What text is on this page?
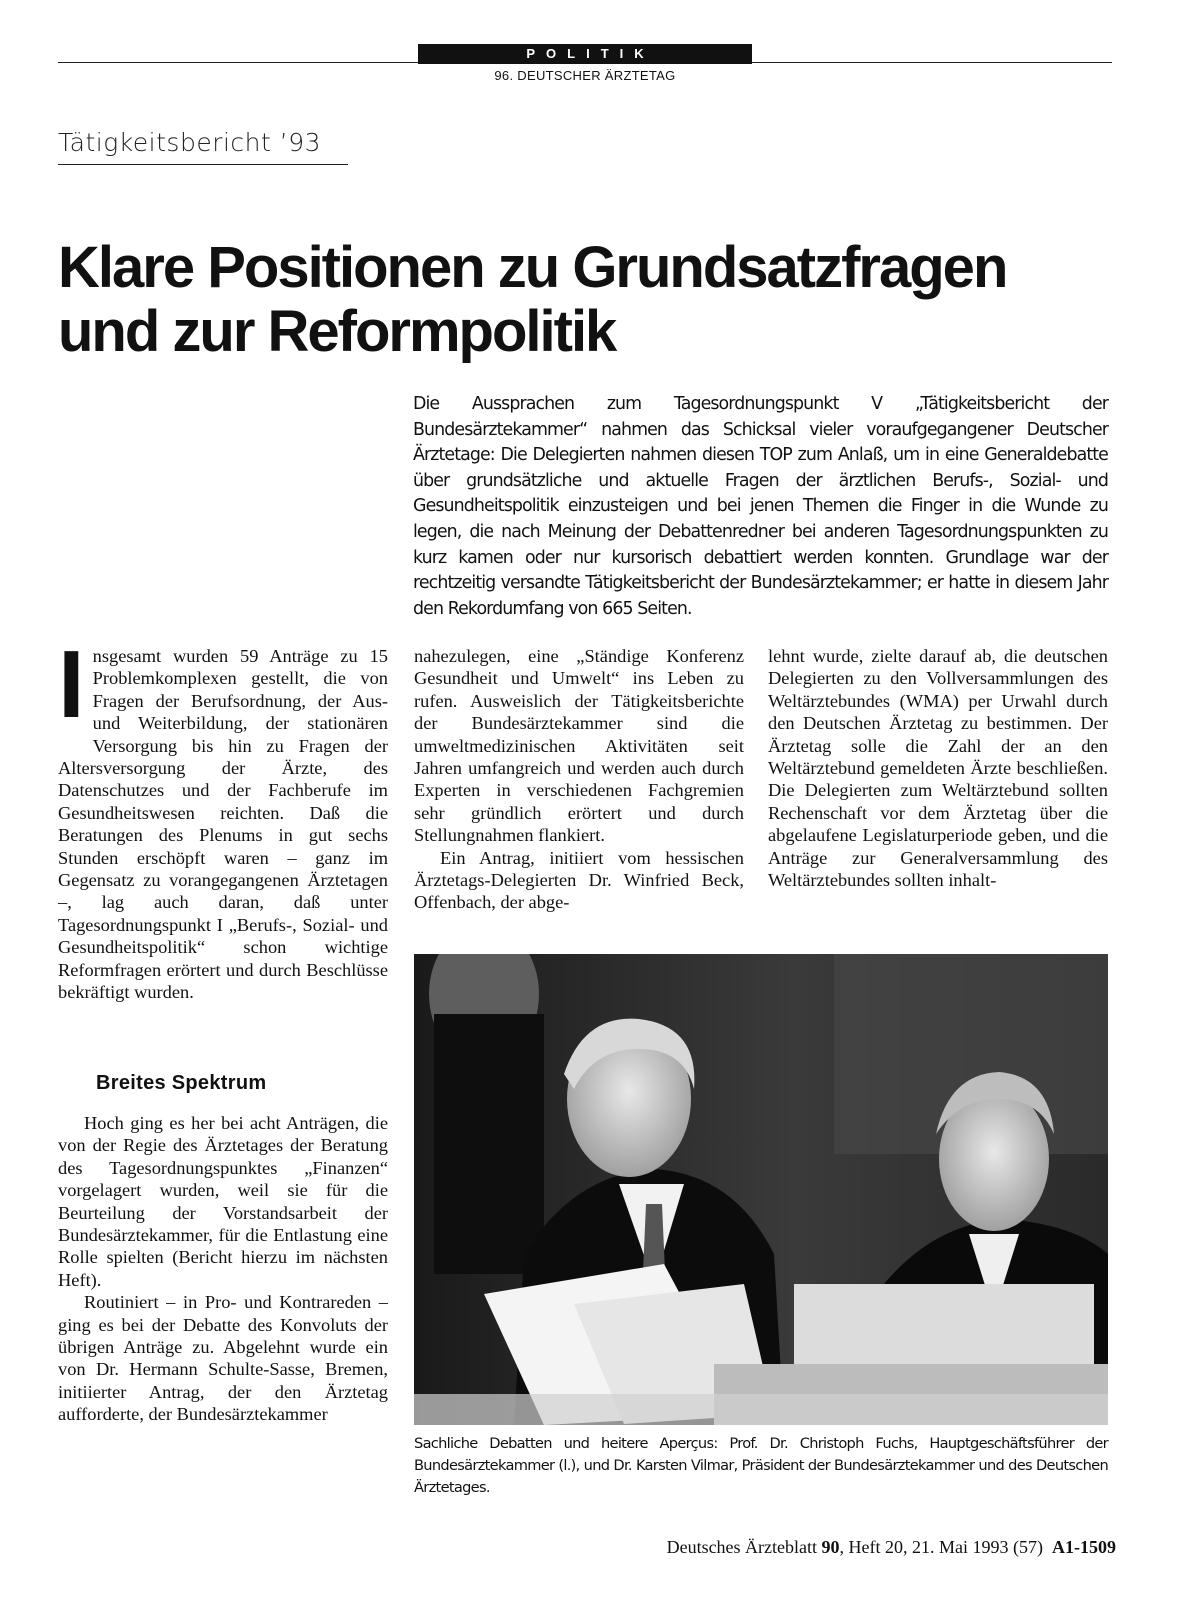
POLITIK
96. DEUTSCHER ÄRZTETAG
Tätigkeitsbericht ’93
Klare Positionen zu Grundsatzfragen
und zur Reformpolitik
Die Aussprachen zum Tagesordnungspunkt V „Tätigkeitsbericht der Bundesärztekammer“ nahmen das Schicksal vieler voraufgegangener Deutscher Ärztetage: Die Delegierten nahmen diesen TOP zum Anlaß, um in eine Generaldebatte über grundsätzliche und aktuelle Fragen der ärztlichen Berufs-, Sozial- und Gesundheitspolitik einzusteigen und bei jenen Themen die Finger in die Wunde zu legen, die nach Meinung der Debattenredner bei anderen Tagesordnungspunkten zu kurz kamen oder nur kursorisch debattiert werden konnten. Grundlage war der rechtzeitig versandte Tätigkeitsbericht der Bundesärztekammer; er hatte in diesem Jahr den Rekordumfang von 665 Seiten.

I nsgesamt wurden 59 Anträge zu 15 Problemkomplexen gestellt, die von Fragen der Berufsordnung, der Aus- und Weiterbildung, der stationären Versorgung bis hin zu Fragen der Altersversorgung der Ärzte, des Datenschutzes und der Fachberufe im Gesundheitswesen reichten. Daß die Beratungen des Plenums in gut sechs Stunden erschöpft waren – ganz im Gegensatz zu vorangegangenen Ärztetagen –, lag auch daran, daß unter Tagesordnungspunkt I „Berufs-, Sozial- und Gesundheitspolitik“ schon wichtige Reformfragen erörtert und durch Beschlüsse bekräftigt wurden.

Breites Spektrum

Hoch ging es her bei acht Anträgen, die von der Regie des Ärztetages der Beratung des Tagesordnungspunktes „Finanzen“ vorgelagert wurden, weil sie für die Beurteilung der Vorstandsarbeit der Bundesärztekammer, für die Entlastung eine Rolle spielten (Bericht hierzu im nächsten Heft).

Routiniert – in Pro- und Kontrareden – ging es bei der Debatte des Konvoluts der übrigen Anträge zu. Abgelehnt wurde ein von Dr. Hermann Schulte-Sasse, Bremen, initiierter Antrag, der den Ärztetag aufforderte, der Bundesärztekammer

nahezulegen, eine „Ständige Konferenz Gesundheit und Umwelt“ ins Leben zu rufen. Ausweislich der Tätigkeitsberichte der Bundesärztekammer sind die umweltmedizinischen Aktivitäten seit Jahren umfangreich und werden auch durch Experten in verschiedenen Fachgremien sehr gründlich erörtert und durch Stellungnahmen flankiert.

Ein Antrag, initiiert vom hessischen Ärztetags-Delegierten Dr. Winfried Beck, Offenbach, der abge-

lehnt wurde, zielte darauf ab, die deutschen Delegierten zu den Vollversammlungen des Weltärztebundes (WMA) per Urwahl durch den Deutschen Ärztetag zu bestimmen. Der Ärztetag solle die Zahl der an den Weltärztebund gemeldeten Ärzte beschließen. Die Delegierten zum Weltärztebund sollten Rechenschaft vor dem Ärztetag über die abgelaufene Legislaturperiode geben, und die Anträge zur Generalversammlung des Weltärztebundes sollten inhalt-

Sachliche Debatten und heitere Aperçus: Prof. Dr. Christoph Fuchs, Hauptgeschäftsführer der Bundesärztekammer (l.), und Dr. Karsten Vilmar, Präsident der Bundesärztekammer und des Deutschen Ärztetages.
Deutsches Ärzteblatt 90, Heft 20, 21. Mai 1993 (57) A1-1509
